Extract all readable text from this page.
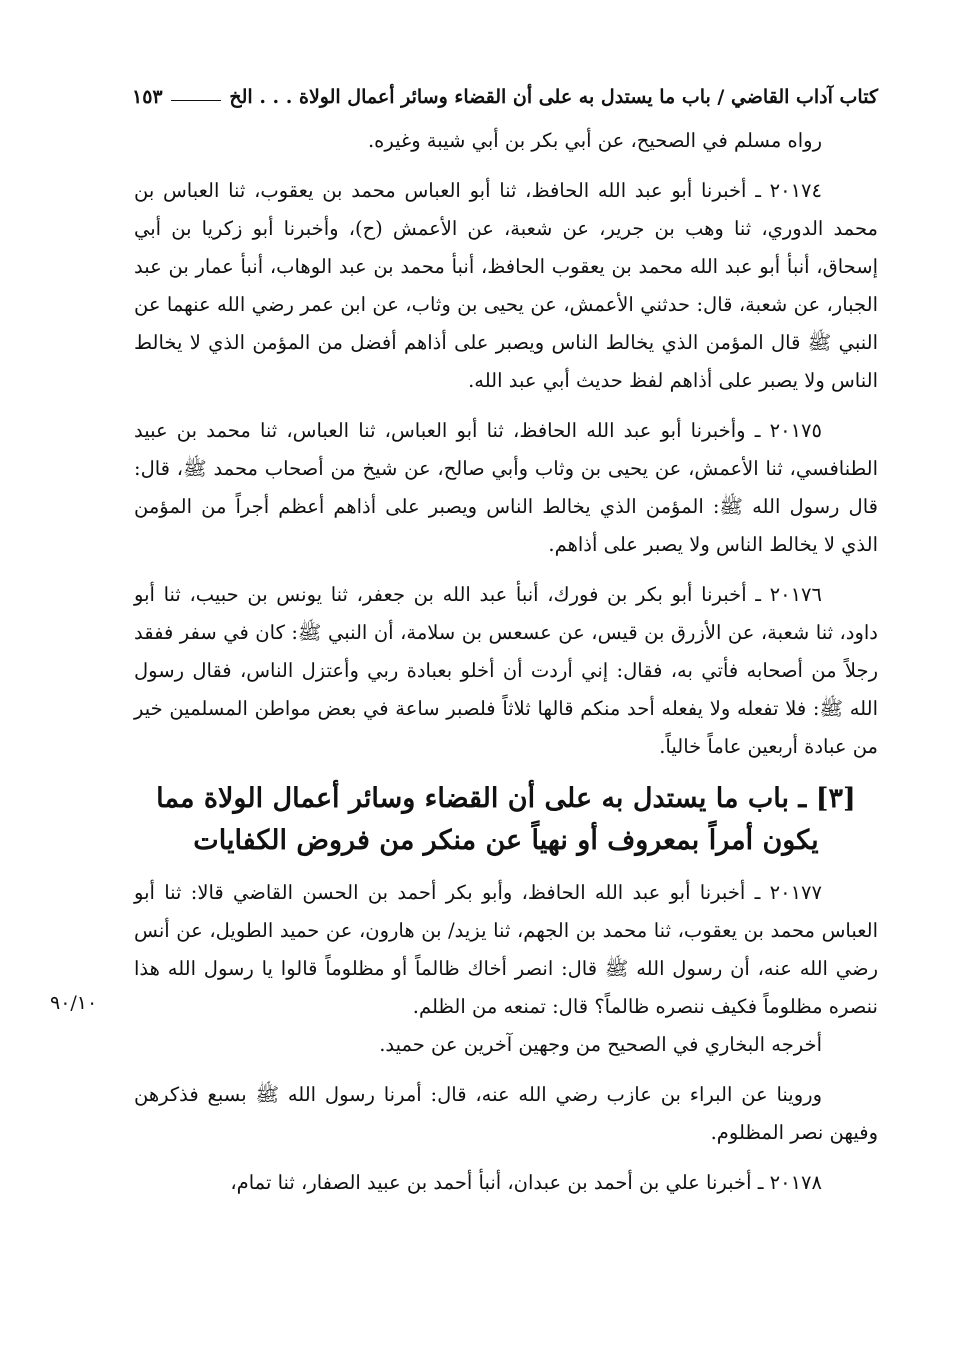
كتاب آداب القاضي / باب ما يستدل به على أن القضاء وسائر أعمال الولاة . . . الخ
١٥٣

رواه مسلم في الصحيح، عن أبي بكر بن أبي شيبة وغيره.

٢٠١٧٤ ـ أخبرنا أبو عبد الله الحافظ، ثنا أبو العباس محمد بن يعقوب، ثنا العباس بن محمد الدوري، ثنا وهب بن جرير، عن شعبة، عن الأعمش (ح)، وأخبرنا أبو زكريا بن أبي إسحاق، أنبأ أبو عبد الله محمد بن يعقوب الحافظ، أنبأ محمد بن عبد الوهاب، أنبأ عمار بن عبد الجبار، عن شعبة، قال: حدثني الأعمش، عن يحيى بن وثاب، عن ابن عمر رضي الله عنهما عن النبي ﷺ قال المؤمن الذي يخالط الناس ويصبر على أذاهم أفضل من المؤمن الذي لا يخالط الناس ولا يصبر على أذاهم لفظ حديث أبي عبد الله.

٢٠١٧٥ ـ وأخبرنا أبو عبد الله الحافظ، ثنا أبو العباس، ثنا العباس، ثنا محمد بن عبيد الطنافسي، ثنا الأعمش، عن يحيى بن وثاب وأبي صالح، عن شيخ من أصحاب محمد ﷺ، قال: قال رسول الله ﷺ: المؤمن الذي يخالط الناس ويصبر على أذاهم أعظم أجراً من المؤمن الذي لا يخالط الناس ولا يصبر على أذاهم.

٢٠١٧٦ ـ أخبرنا أبو بكر بن فورك، أنبأ عبد الله بن جعفر، ثنا يونس بن حبيب، ثنا أبو داود، ثنا شعبة، عن الأزرق بن قيس، عن عسعس بن سلامة، أن النبي ﷺ: كان في سفر ففقد رجلاً من أصحابه فأتي به، فقال: إني أردت أن أخلو بعبادة ربي وأعتزل الناس، فقال رسول الله ﷺ: فلا تفعله ولا يفعله أحد منكم قالها ثلاثاً فلصبر ساعة في بعض مواطن المسلمين خير من عبادة أربعين عاماً خالياً.

[٣] ـ باب ما يستدل به على أن القضاء وسائر أعمال الولاة مما يكون أمراً بمعروف أو نهياً عن منكر من فروض الكفايات

٢٠١٧٧ ـ أخبرنا أبو عبد الله الحافظ، وأبو بكر أحمد بن الحسن القاضي قالا: ثنا أبو العباس محمد بن يعقوب، ثنا محمد بن الجهم، ثنا يزيد/ بن هارون، عن حميد الطويل، عن أنس رضي الله عنه، أن رسول الله ﷺ قال: انصر أخاك ظالماً أو مظلوماً قالوا يا رسول الله هذا ننصره مظلوماً فكيف ننصره ظالماً؟ قال: تمنعه من الظلم.

أخرجه البخاري في الصحيح من وجهين آخرين عن حميد.

وروينا عن البراء بن عازب رضي الله عنه، قال: أمرنا رسول الله ﷺ بسبع فذكرهن وفيهن نصر المظلوم.

٢٠١٧٨ ـ أخبرنا علي بن أحمد بن عبدان، أنبأ أحمد بن عبيد الصفار، ثنا تمام،

٩٠/١٠
